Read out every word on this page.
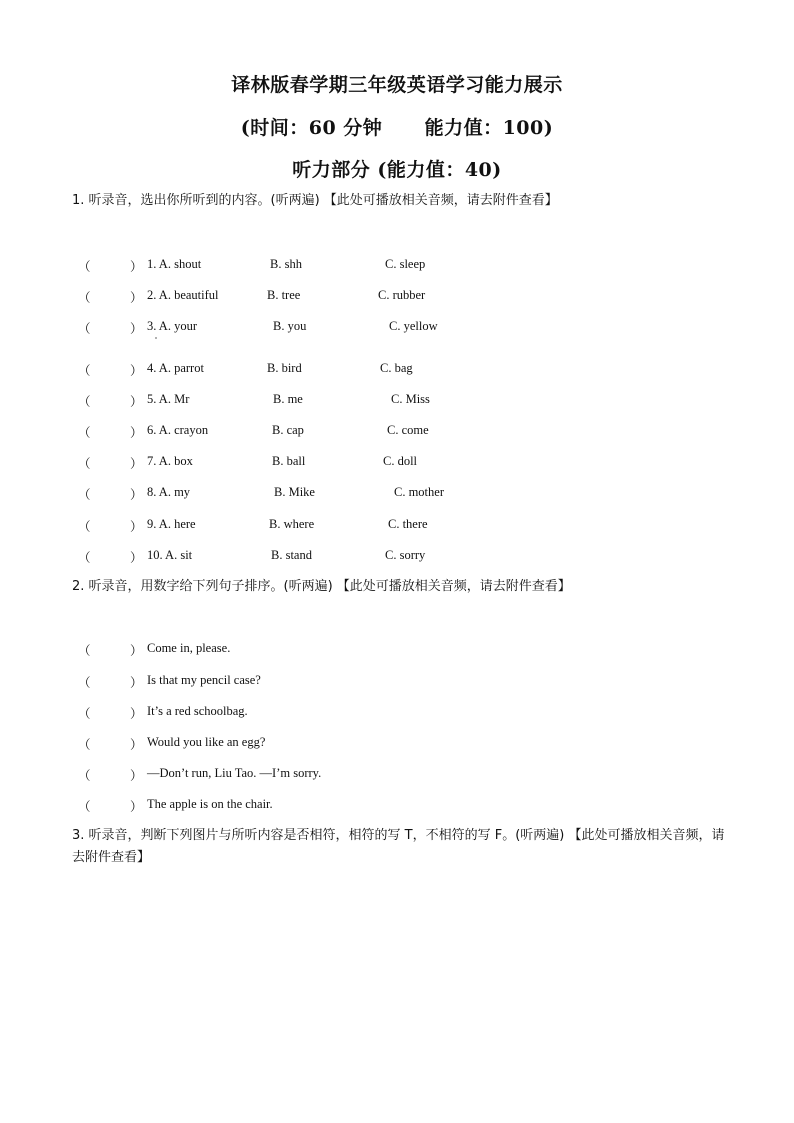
译林版春学期三年级英语学习能力展示
(时间：60 分钟 能力值：100)
听力部分 (能力值：40)
1. 听录音，选出你所听到的内容。(听两遍) 【此处可播放相关音频，请去附件查看】
（	） 1. A. shout	B. shh	C. sleep
（	） 2. A. beautiful	B. tree	C. rubber
（	） 3. A. your	B. you	C. yellow
（	） 4. A. parrot	B. bird	C. bag
（	） 5. A. Mr	B. me	C. Miss
（	） 6. A. crayon	B. cap	C. come
（	） 7. A. box	B. ball	C. doll
（	） 8. A. my	B. Mike	C. mother
（	） 9. A. here	B. where	C. there
（	） 10. A. sit	B. stand	C. sorry
2. 听录音，用数字给下列句子排序。(听两遍) 【此处可播放相关音频，请去附件查看】
（	） Come in, please.
（	） Is that my pencil case?
（	） It’s a red schoolbag.
（	） Would you like an egg?
（	） —Don’t run, Liu Tao. —I’m sorry.
（	） The apple is on the chair.
3. 听录音，判断下列图片与所听内容是否相符，相符的写 T，不相符的写 F。(听两遍) 【此处可播放相关音频，请去附件查看】
